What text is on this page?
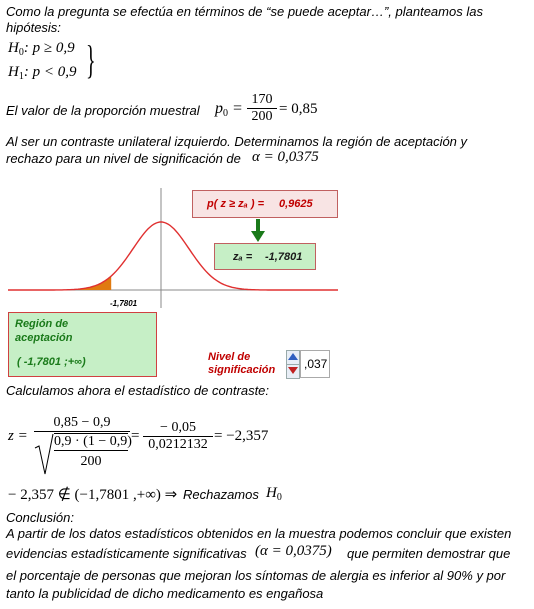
Como la pregunta se efectúa en términos de “se puede aceptar…”, planteamos las
hipótesis:
$H_0$: p ≥ 0,9
$H_1$: p < 0,9 }
El valor de la proporción muestral $p_0 = \frac{170}{200} = 0,85$
Al ser un contraste unilateral izquierdo. Determinamos la región de aceptación y
rechazo para un nivel de significación de α = 0,0375
-1,7801
p( z ≥ zₐ ) = 0,9625
zₐ = -1,7801
Región de
aceptación
( -1,7801 ;+∞)	Nivel de
significación	,037
Calculamos ahora el estadístico de contraste:
z =
0,85 − 0,9
0,9 · (1 − 0,9)
200
= $\frac{- 0,05}{0,0212132} = -2,357$
− 2,357 ∉ (−1,7801 ,+∞) ⇒ Rechazamos $H_0$
Conclusión:
A partir de los datos estadísticos obtenidos en la muestra podemos concluir que existen
evidencias estadísticamente significativas (α = 0,0375) que permiten demostrar que
el porcentaje de personas que mejoran los síntomas de alergia es inferior al 90% y por
tanto la publicidad de dicho medicamento es engañosa
